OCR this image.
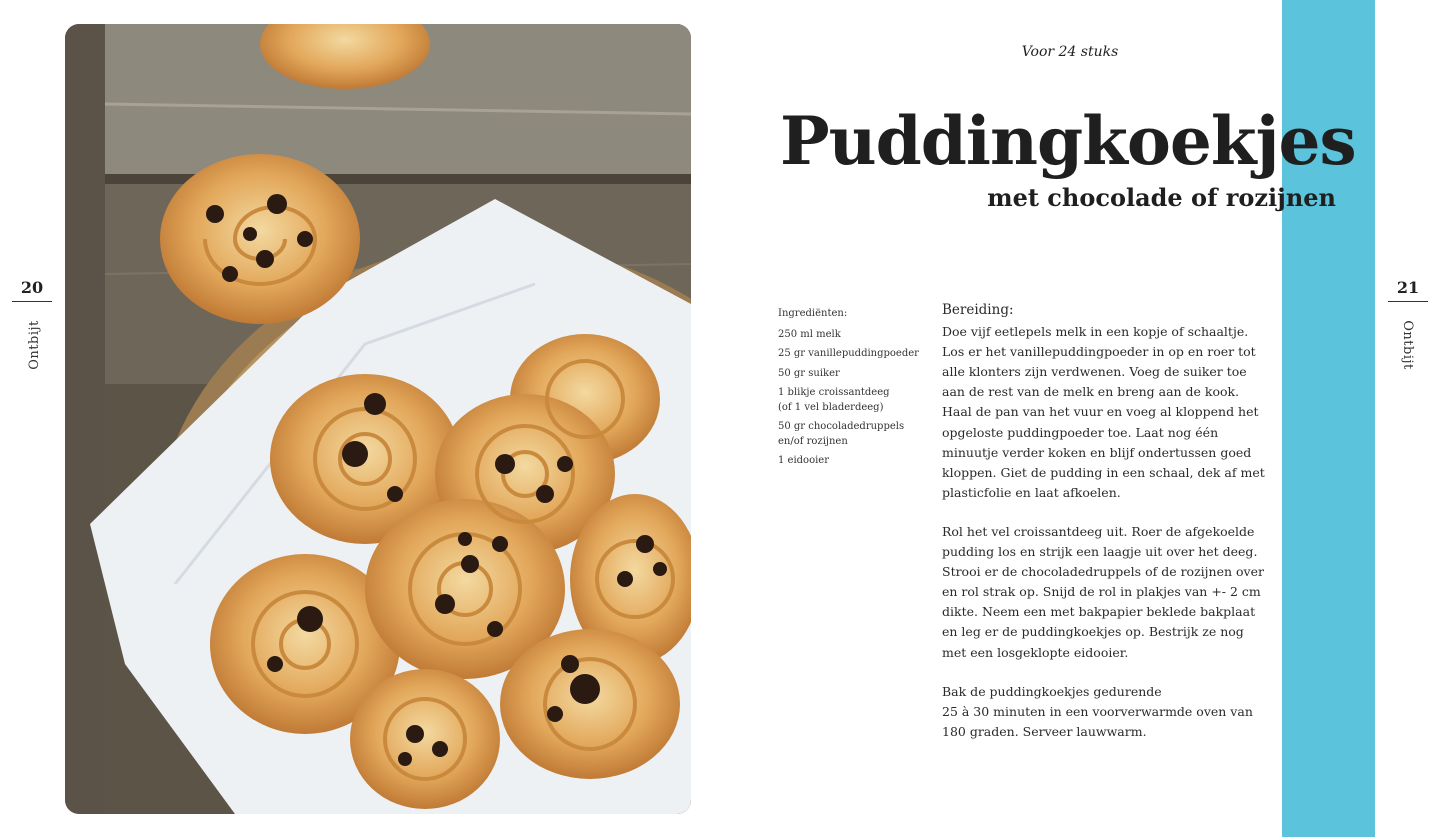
20
Ontbijt
Voor 24 stuks
Puddingkoekjes
met chocolade of rozijnen
Ingrediënten:
250 ml melk
25 gr vanillepuddingpoeder
50 gr suiker
1 blikje croissantdeeg
(of 1 vel bladerdeeg)
50 gr chocoladedruppels
en/of rozijnen
1 eidooier

Bereiding:

Doe vijf eetlepels melk in een kopje of schaaltje. Los er het vanillepuddingpoeder in op en roer tot alle klonters zijn verdwenen. Voeg de suiker toe aan de rest van de melk en breng aan de kook. Haal de pan van het vuur en voeg al kloppend het opgeloste puddingpoeder toe. Laat nog één minuutje verder koken en blijf ondertussen goed kloppen. Giet de pudding in een schaal, dek af met plasticfolie en laat afkoelen.

Rol het vel croissantdeeg uit. Roer de afgekoelde pudding los en strijk een laagje uit over het deeg. Strooi er de chocoladedruppels of de rozijnen over en rol strak op. Snijd de rol in plakjes van +- 2 cm dikte. Neem een met bakpapier beklede bakplaat en leg er de puddingkoekjes op. Bestrijk ze nog met een losgeklopte eidooier.

Bak de puddingkoekjes gedurende
25 à 30 minuten in een voorverwarmde oven van 180 graden. Serveer lauwwarm.

21
Ontbijt
